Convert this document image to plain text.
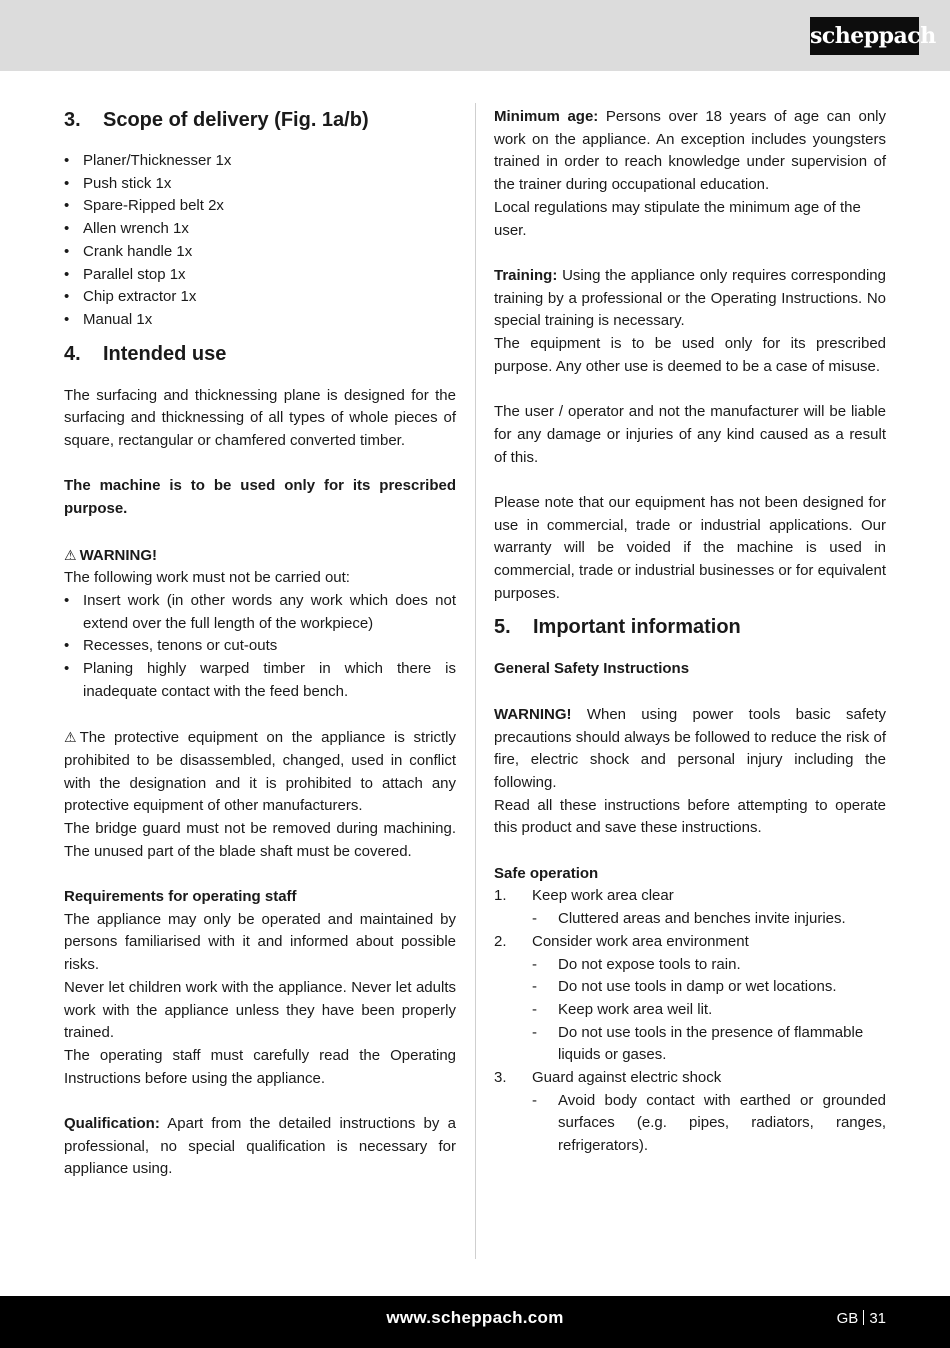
scheppach
3.	Scope of delivery (Fig. 1a/b)
• Planer/Thicknesser 1x
• Push stick 1x
• Spare-Ripped belt 2x
• Allen wrench 1x
• Crank handle 1x
• Parallel stop 1x
• Chip extractor 1x
• Manual 1x
4.	Intended use

The surfacing and thicknessing plane is designed for the surfacing and thicknessing of all types of whole pieces of square, rectangular or chamfered converted timber.

The machine is to be used only for its prescribed purpose.

⚠ WARNING!

The following work must not be carried out:

• Insert work (in other words any work which does not extend over the full length of the workpiece)
• Recesses, tenons or cut-outs
• Planing highly warped timber in which there is inadequate contact with the feed bench.

⚠ The protective equipment on the appliance is strictly prohibited to be disassembled, changed, used in conflict with the designation and it is prohibited to attach any protective equipment of other manufacturers.

The bridge guard must not be removed during machining. The unused part of the blade shaft must be covered.

Requirements for operating staff

The appliance may only be operated and maintained by persons familiarised with it and informed about possible risks.

Never let children work with the appliance. Never let adults work with the appliance unless they have been properly trained.

The operating staff must carefully read the Operating Instructions before using the appliance.

Qualification: Apart from the detailed instructions by a professional, no special qualification is necessary for appliance using.

Minimum age: Persons over 18 years of age can only work on the appliance. An exception includes youngsters trained in order to reach knowledge under supervision of the trainer during occupational education.

Local regulations may stipulate the minimum age of the user.

Training: Using the appliance only requires corresponding training by a professional or the Operating Instructions. No special training is necessary.

The equipment is to be used only for its prescribed purpose. Any other use is deemed to be a case of misuse.

The user / operator and not the manufacturer will be liable for any damage or injuries of any kind caused as a result of this.

Please note that our equipment has not been designed for use in commercial, trade or industrial applications. Our warranty will be voided if the machine is used in commercial, trade or industrial businesses or for equivalent purposes.

5.	Important information

General Safety Instructions

WARNING! When using power tools basic safety precautions should always be followed to reduce the risk of fire, electric shock and personal injury including the following.

Read all these instructions before attempting to operate this product and save these instructions.

Safe operation

1. Keep work area clear
- Cluttered areas and benches invite injuries.
2. Consider work area environment
- Do not expose tools to rain.
- Do not use tools in damp or wet locations.
- Keep work area weil lit.
- Do not use tools in the presence of flammable liquids or gases.
3. Guard against electric shock
- Avoid body contact with earthed or grounded surfaces (e.g. pipes, radiators, ranges, refrigerators).
www.scheppach.com	GB 31
